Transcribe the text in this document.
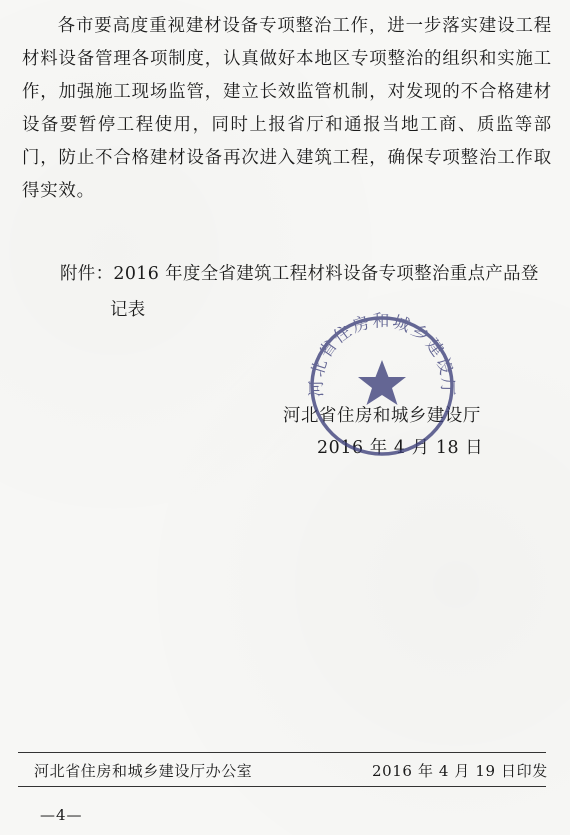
各市要高度重视建材设备专项整治工作，进一步落实建设工程材料设备管理各项制度，认真做好本地区专项整治的组织和实施工作，加强施工现场监管，建立长效监管机制，对发现的不合格建材设备要暂停工程使用，同时上报省厅和通报当地工商、质监等部门，防止不合格建材设备再次进入建筑工程，确保专项整治工作取得实效。

附件：2016 年度全省建筑工程材料设备专项整治重点产品登
记表

河北省住房和城乡建设厅
2016 年 4 月 18 日
河北省住房和城乡建设厅
河北省住房和城乡建设厅办公室	2016 年 4 月 19 日印发
—4—
